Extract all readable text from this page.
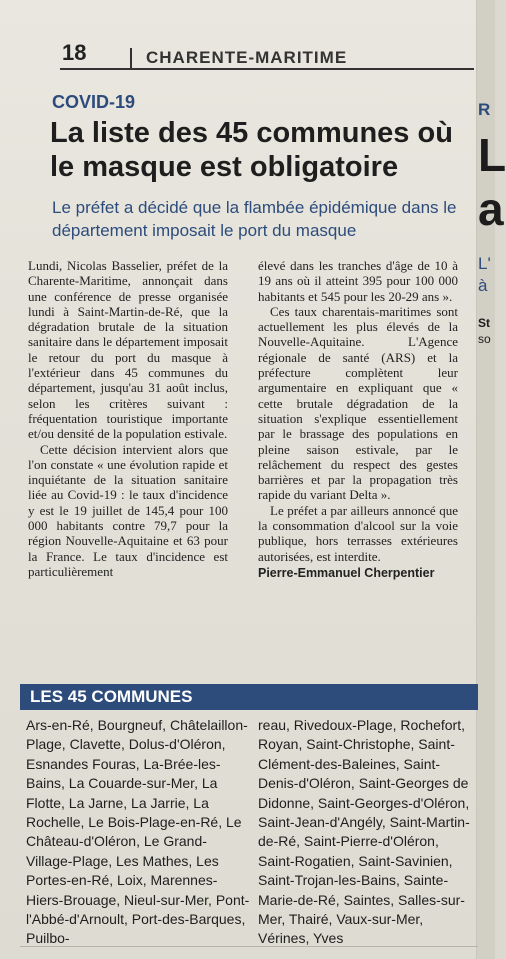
R
L
a
L'
à
St
so
18	CHARENTE-MARITIME
COVID-19
La liste des 45 communes où le masque est obligatoire
Le préfet a décidé que la flambée épidémique dans le département imposait le port du masque

Lundi, Nicolas Basselier, préfet de la Charente-Maritime, annonçait dans une conférence de presse organisée lundi à Saint-Martin-de-Ré, que la dégradation brutale de la situation sanitaire dans le département imposait le retour du port du masque à l'extérieur dans 45 communes du département, jusqu'au 31 août inclus, selon les critères suivant : fréquentation touristique importante et/ou densité de la population estivale.

Cette décision intervient alors que l'on constate « une évolution rapide et inquiétante de la situation sanitaire liée au Covid-19 : le taux d'incidence y est le 19 juillet de 145,4 pour 100 000 habitants contre 79,7 pour la région Nouvelle-Aquitaine et 63 pour la France. Le taux d'incidence est particulièrement

élevé dans les tranches d'âge de 10 à 19 ans où il atteint 395 pour 100 000 habitants et 545 pour les 20-29 ans ».

Ces taux charentais-maritimes sont actuellement les plus élevés de la Nouvelle-Aquitaine. L'Agence régionale de santé (ARS) et la préfecture complètent leur argumentaire en expliquant que « cette brutale dégradation de la situation s'explique essentiellement par le brassage des populations en pleine saison estivale, par le relâchement du respect des gestes barrières et par la propagation très rapide du variant Delta ».

Le préfet a par ailleurs annoncé que la consommation d'alcool sur la voie publique, hors terrasses extérieures autorisées, est interdite.

Pierre-Emmanuel Cherpentier
LES 45 COMMUNES
Ars-en-Ré, Bourgneuf, Châtelaillon-Plage, Clavette, Dolus-d'Oléron, Esnandes Fouras, La-Brée-les-Bains, La Couarde-sur-Mer, La Flotte, La Jarne, La Jarrie, La Rochelle, Le Bois-Plage-en-Ré, Le Château-d'Oléron, Le Grand-Village-Plage, Les Mathes, Les Portes-en-Ré, Loix, Marennes-Hiers-Brouage, Nieul-sur-Mer, Pont-l'Abbé-d'Arnoult, Port-des-Barques, Puilbo-
reau, Rivedoux-Plage, Rochefort, Royan, Saint-Christophe, Saint-Clément-des-Baleines, Saint-Denis-d'Oléron, Saint-Georges de Didonne, Saint-Georges-d'Oléron, Saint-Jean-d'Angély, Saint-Martin-de-Ré, Saint-Pierre-d'Oléron, Saint-Rogatien, Saint-Savinien, Saint-Trojan-les-Bains, Sainte-Marie-de-Ré, Saintes, Salles-sur-Mer, Thairé, Vaux-sur-Mer, Vérines, Yves
